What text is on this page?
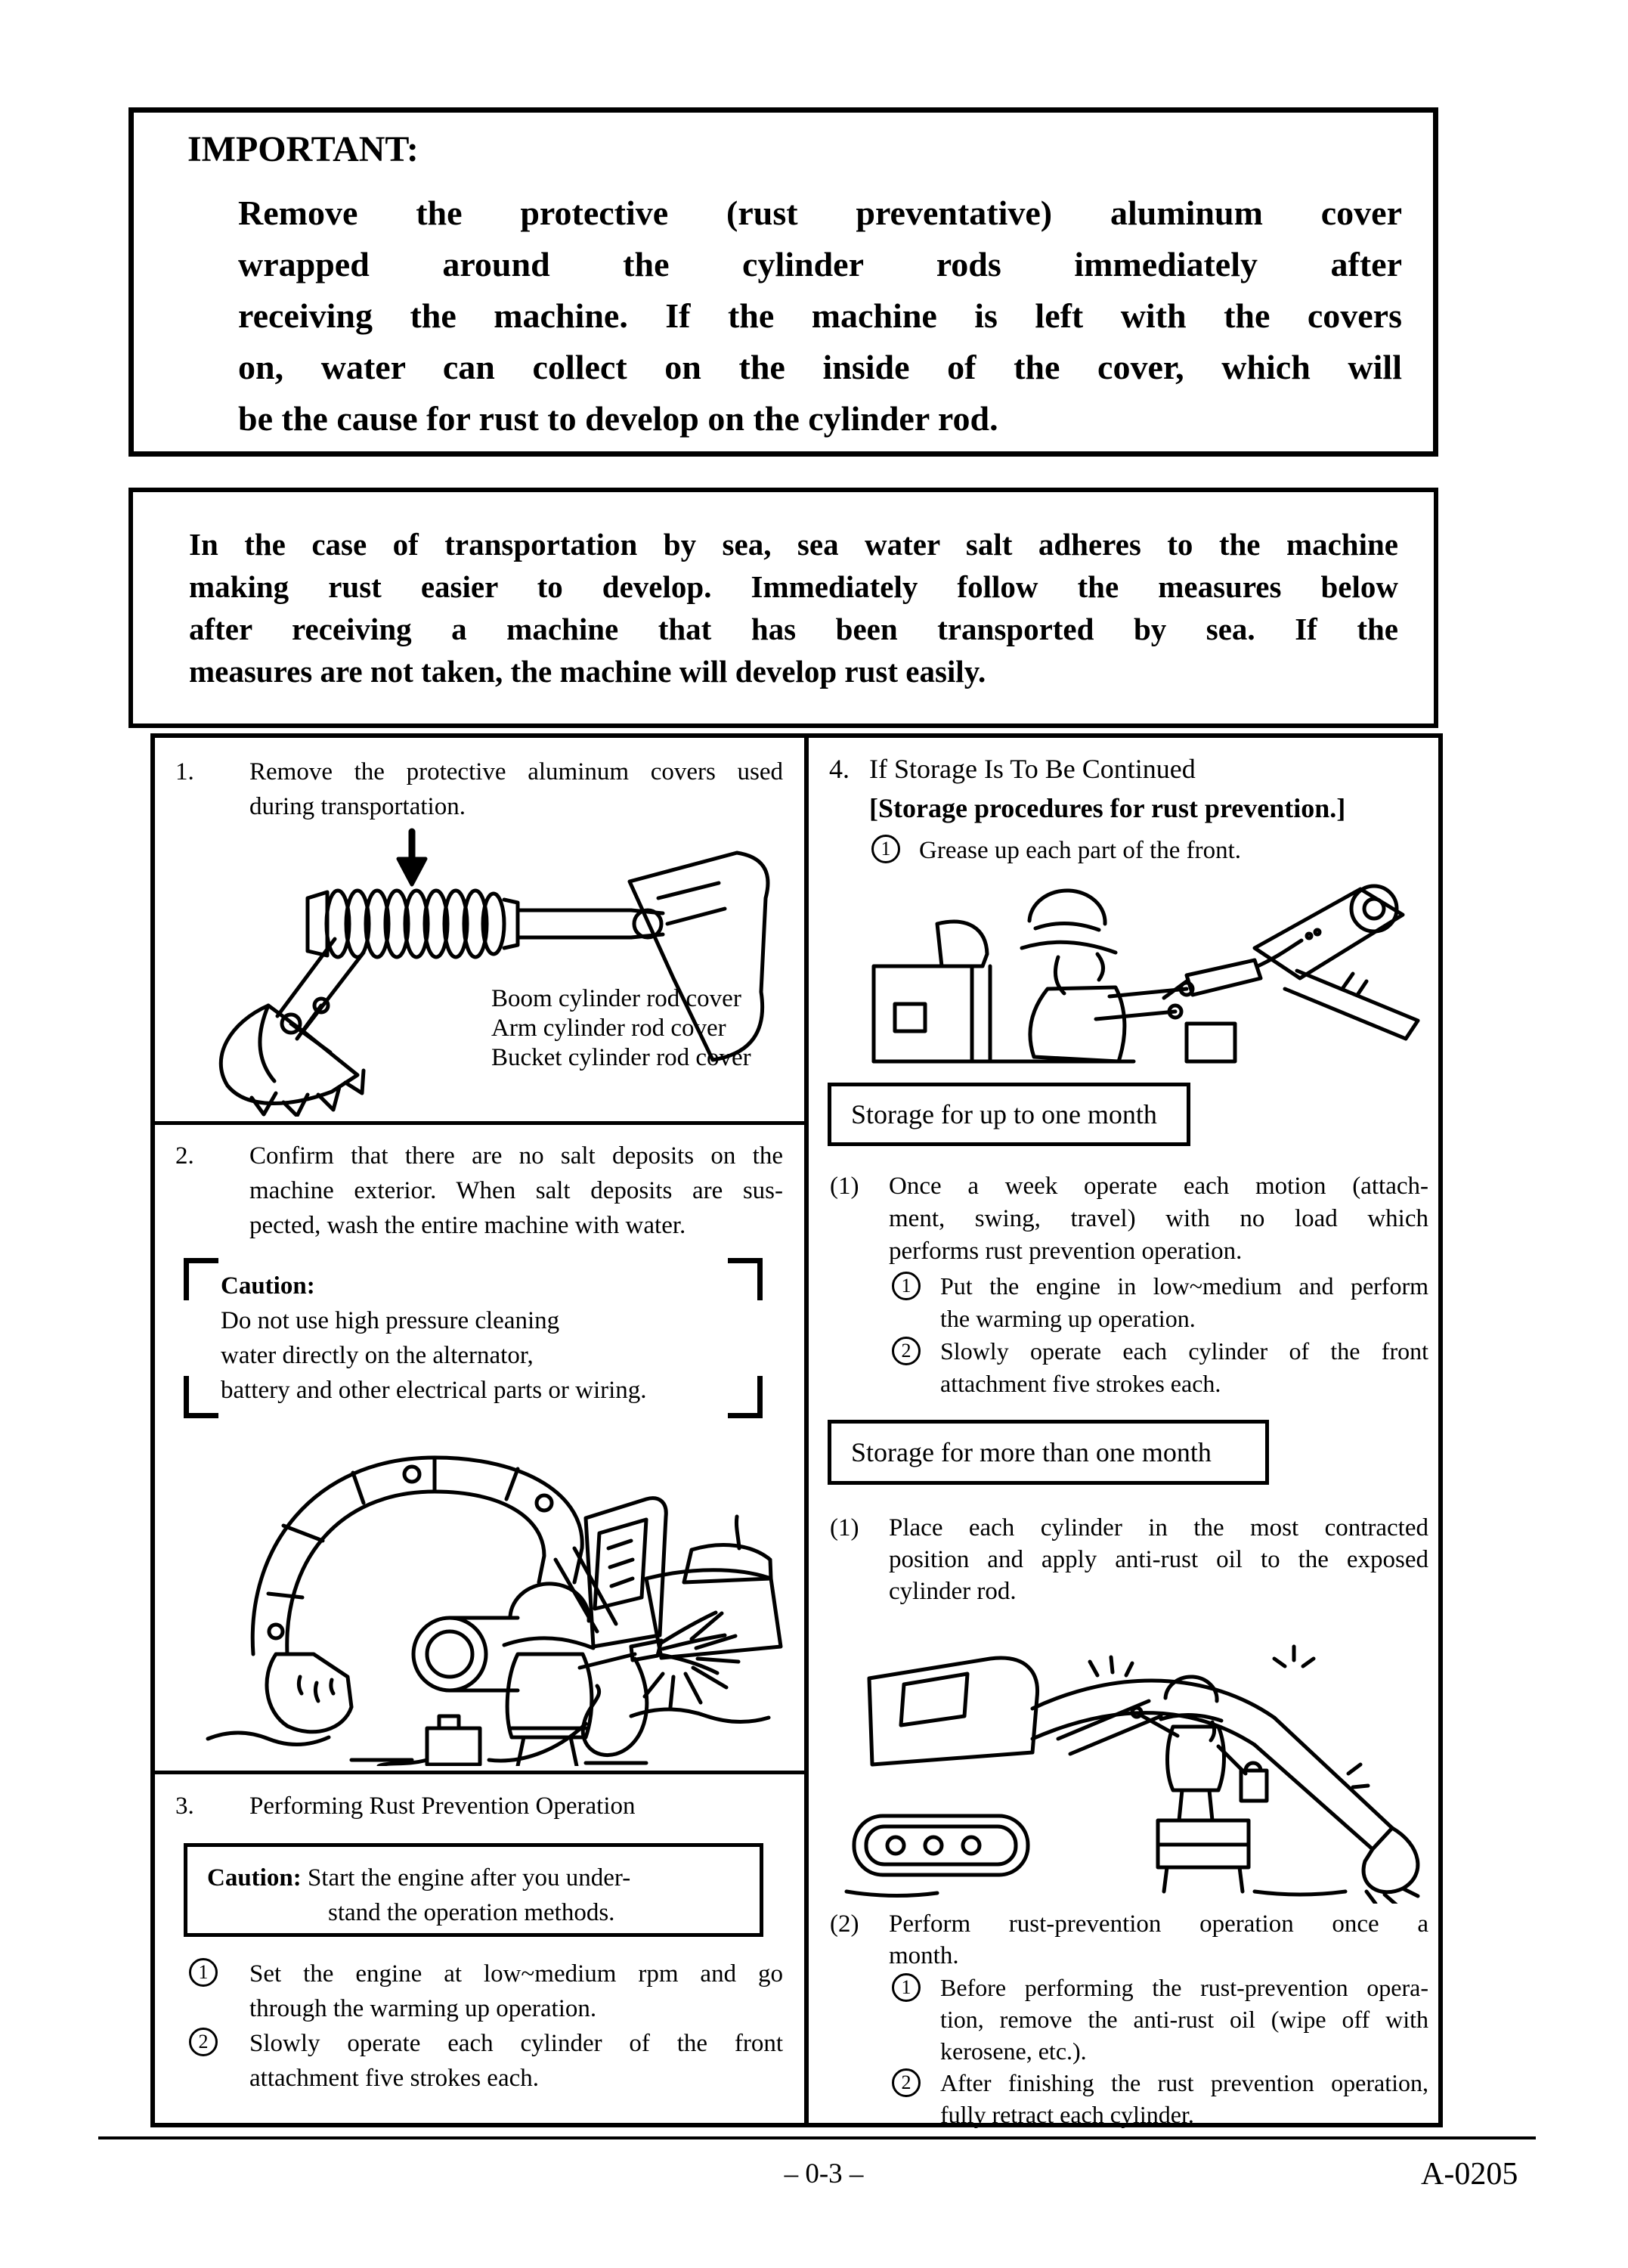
IMPORTANT:
Remove the protective (rust preventative) aluminum cover
wrapped around the cylinder rods immediately after
receiving the machine. If the machine is left with the covers
on, water can collect on the inside of the cover, which will
be the cause for rust to develop on the cylinder rod.
In the case of transportation by sea, sea water salt adheres to the machine
making rust easier to develop. Immediately follow the measures below
after receiving a machine that has been transported by sea. If the
measures are not taken, the machine will develop rust easily.
1. Remove the protective aluminum covers used
during transportation.
Boom cylinder rod cover
Arm cylinder rod cover
Bucket cylinder rod cover
2. Confirm that there are no salt deposits on the
machine exterior. When salt deposits are sus-
pected, wash the entire machine with water.
Caution:
Do not use high pressure cleaning
water directly on the alternator,
battery and other electrical parts or wiring.
3. Performing Rust Prevention Operation
Caution: Start the engine after you under-
stand the operation methods.
1	Set the engine at low~medium rpm and go
through the warming up operation.
2	Slowly operate each cylinder of the front
attachment five strokes each.
4. If Storage Is To Be Continued
[Storage procedures for rust prevention.]
1	Grease up each part of the front.
Storage for up to one month
(1) Once a week operate each motion (attach-
ment, swing, travel) with no load which
performs rust prevention operation.
1	Put the engine in low~medium and perform
the warming up operation.
2	Slowly operate each cylinder of the front
attachment five strokes each.
Storage for more than one month
(1) Place each cylinder in the most contracted
position and apply anti-rust oil to the exposed
cylinder rod.
(2) Perform rust-prevention operation once a
month.
1	Before performing the rust-prevention opera-
tion, remove the anti-rust oil (wipe off with
kerosene, etc.).
2	After finishing the rust prevention operation,
fully retract each cylinder.
– 0-3 –	A-0205
